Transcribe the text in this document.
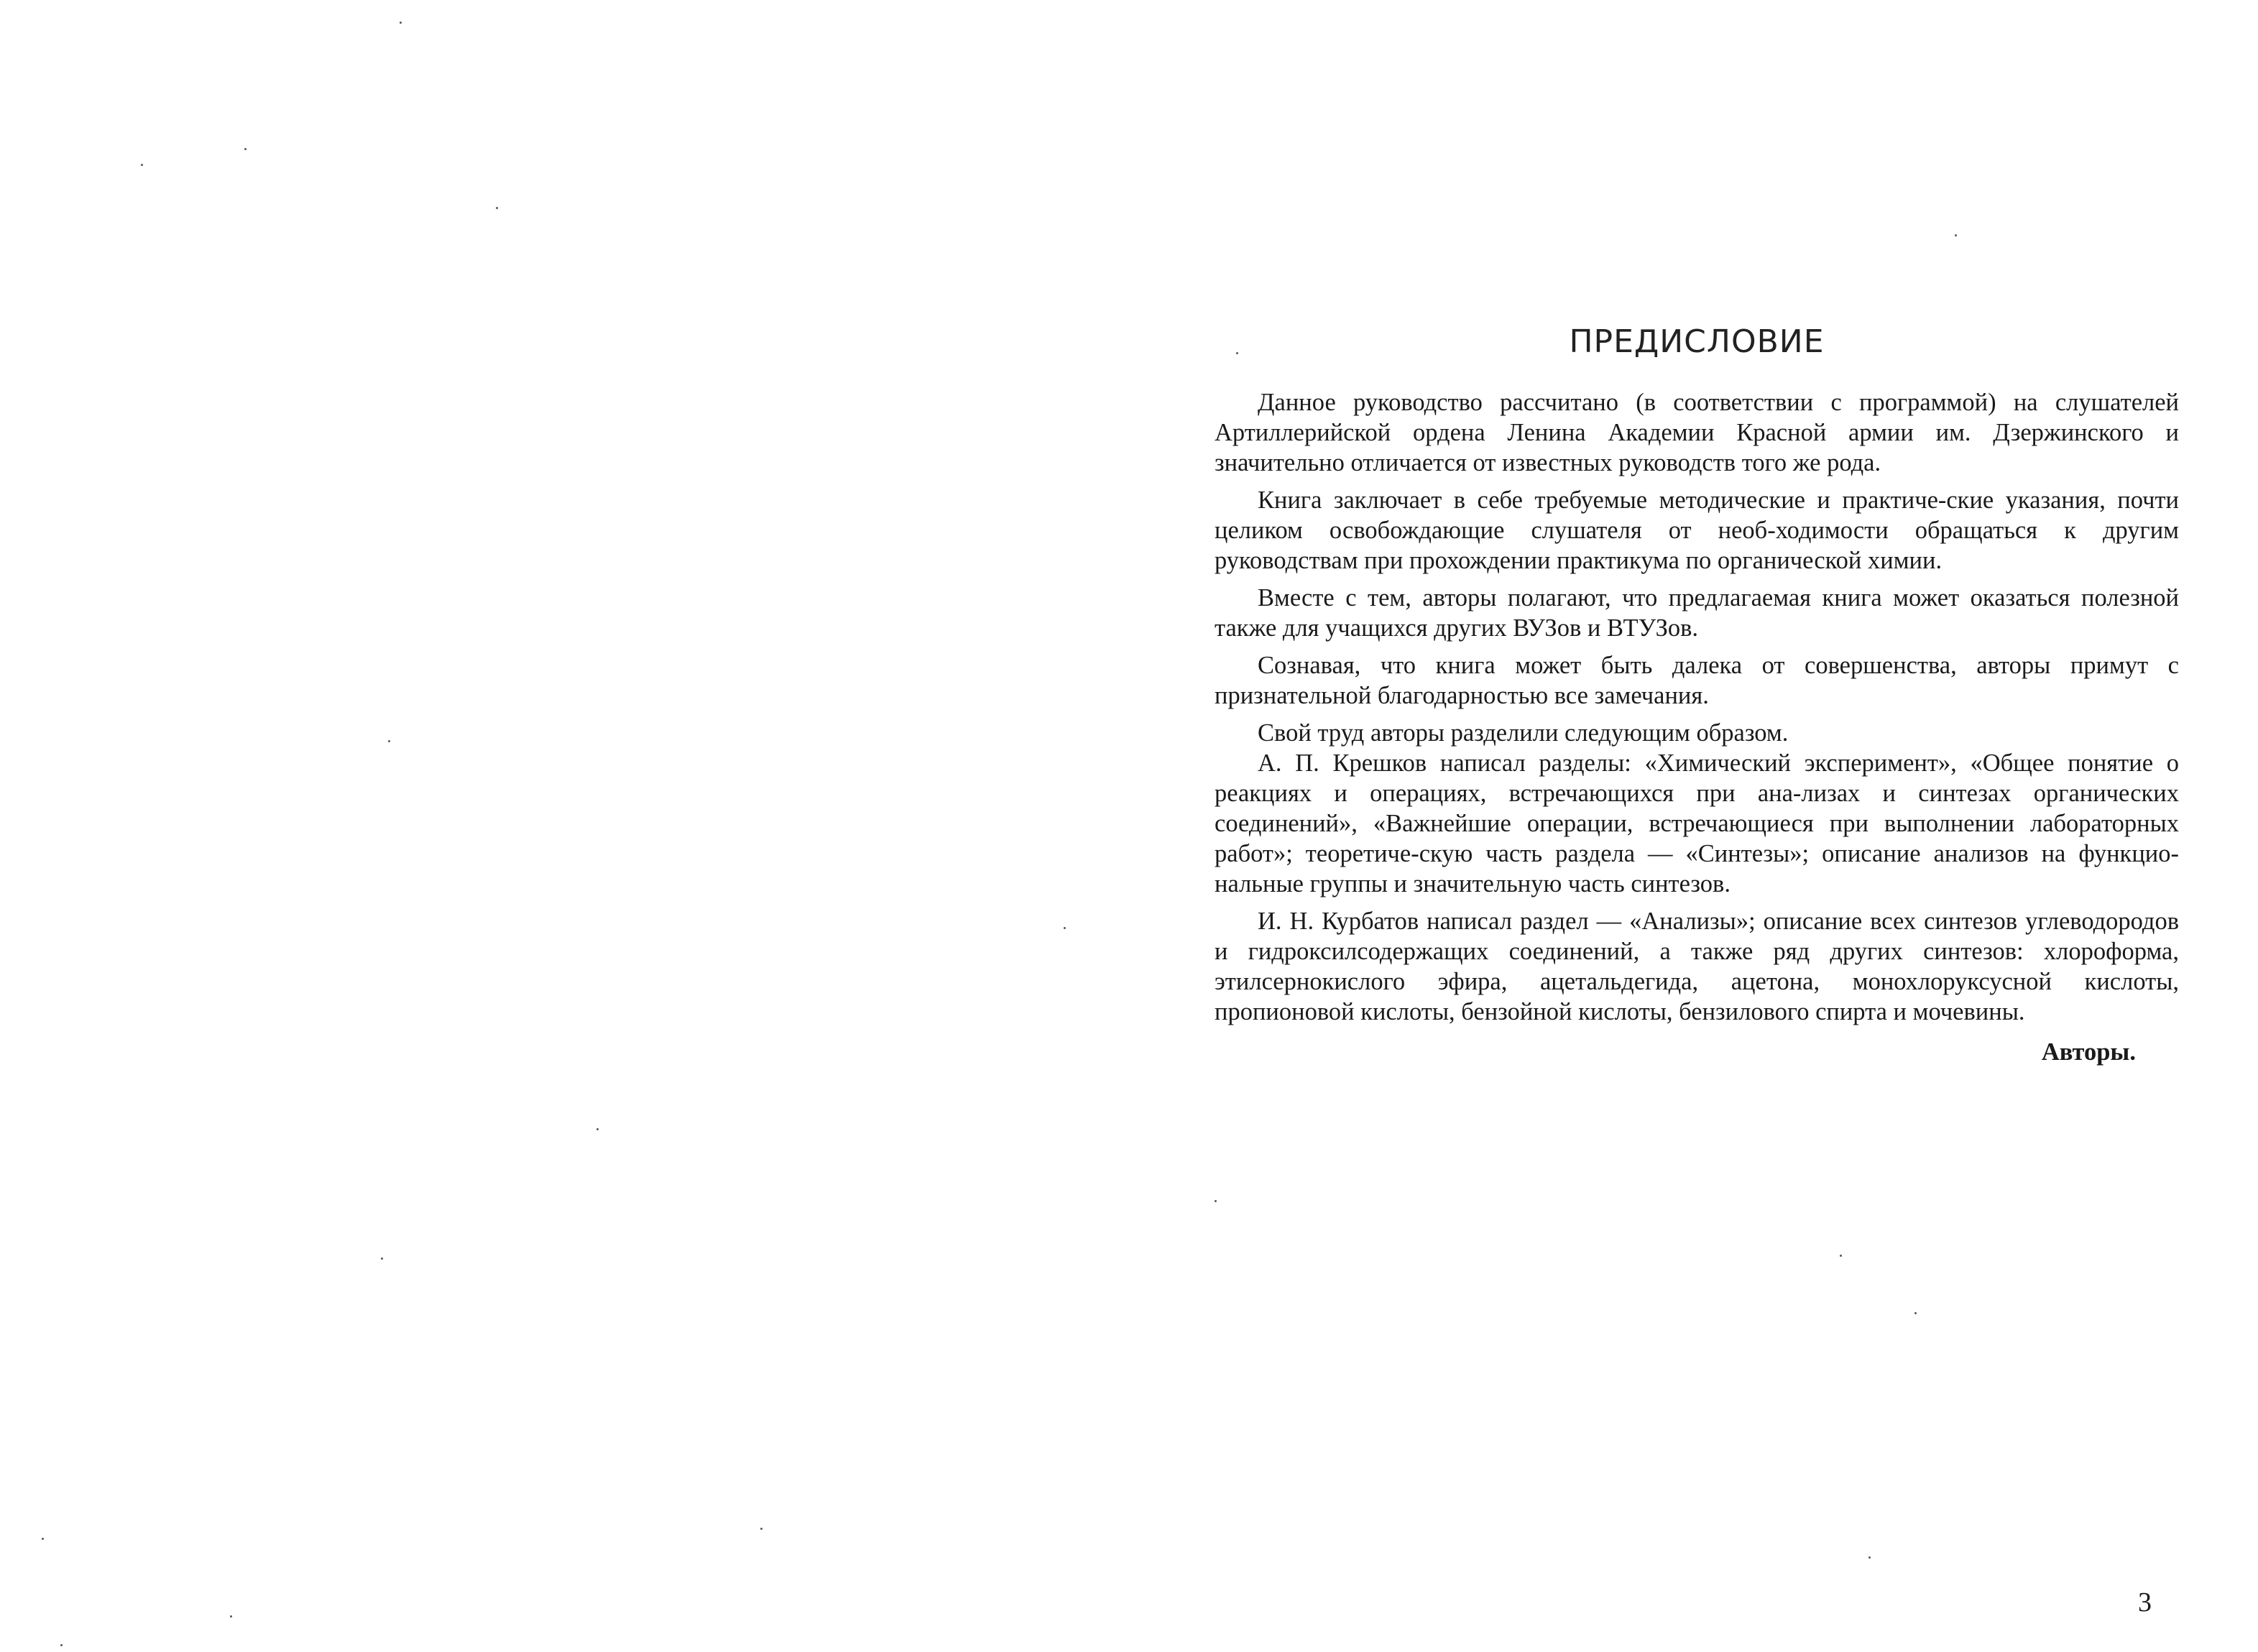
ПРЕДИСЛОВИЕ

Данное руководство рассчитано (в соответствии с программой) на слушателей Артиллерийской ордена Ленина Академии Красной армии им. Дзержинского и значительно отличается от известных руководств того же рода.

Книга заключает в себе требуемые методические и практиче-ские указания, почти целиком освобождающие слушателя от необ-ходимости обращаться к другим руководствам при прохождении практикума по органической химии.

Вместе с тем, авторы полагают, что предлагаемая книга может оказаться полезной также для учащихся других ВУЗов и ВТУЗов.

Сознавая, что книга может быть далека от совершенства, авторы примут с признательной благодарностью все замечания.

Свой труд авторы разделили следующим образом.

А. П. Крешков написал разделы: «Химический эксперимент», «Общее понятие о реакциях и операциях, встречающихся при ана-лизах и синтезах органических соединений», «Важнейшие операции, встречающиеся при выполнении лабораторных работ»; теоретиче-скую часть раздела — «Синтезы»; описание анализов на функцио-нальные группы и значительную часть синтезов.

И. Н. Курбатов написал раздел — «Анализы»; описание всех синтезов углеводородов и гидроксилсодержащих соединений, а также ряд других синтезов: хлороформа, этилсернокислого эфира, ацетальдегида, ацетона, монохлоруксусной кислоты, пропионовой кислоты, бензойной кислоты, бензилового спирта и мочевины.

Авторы.
3
